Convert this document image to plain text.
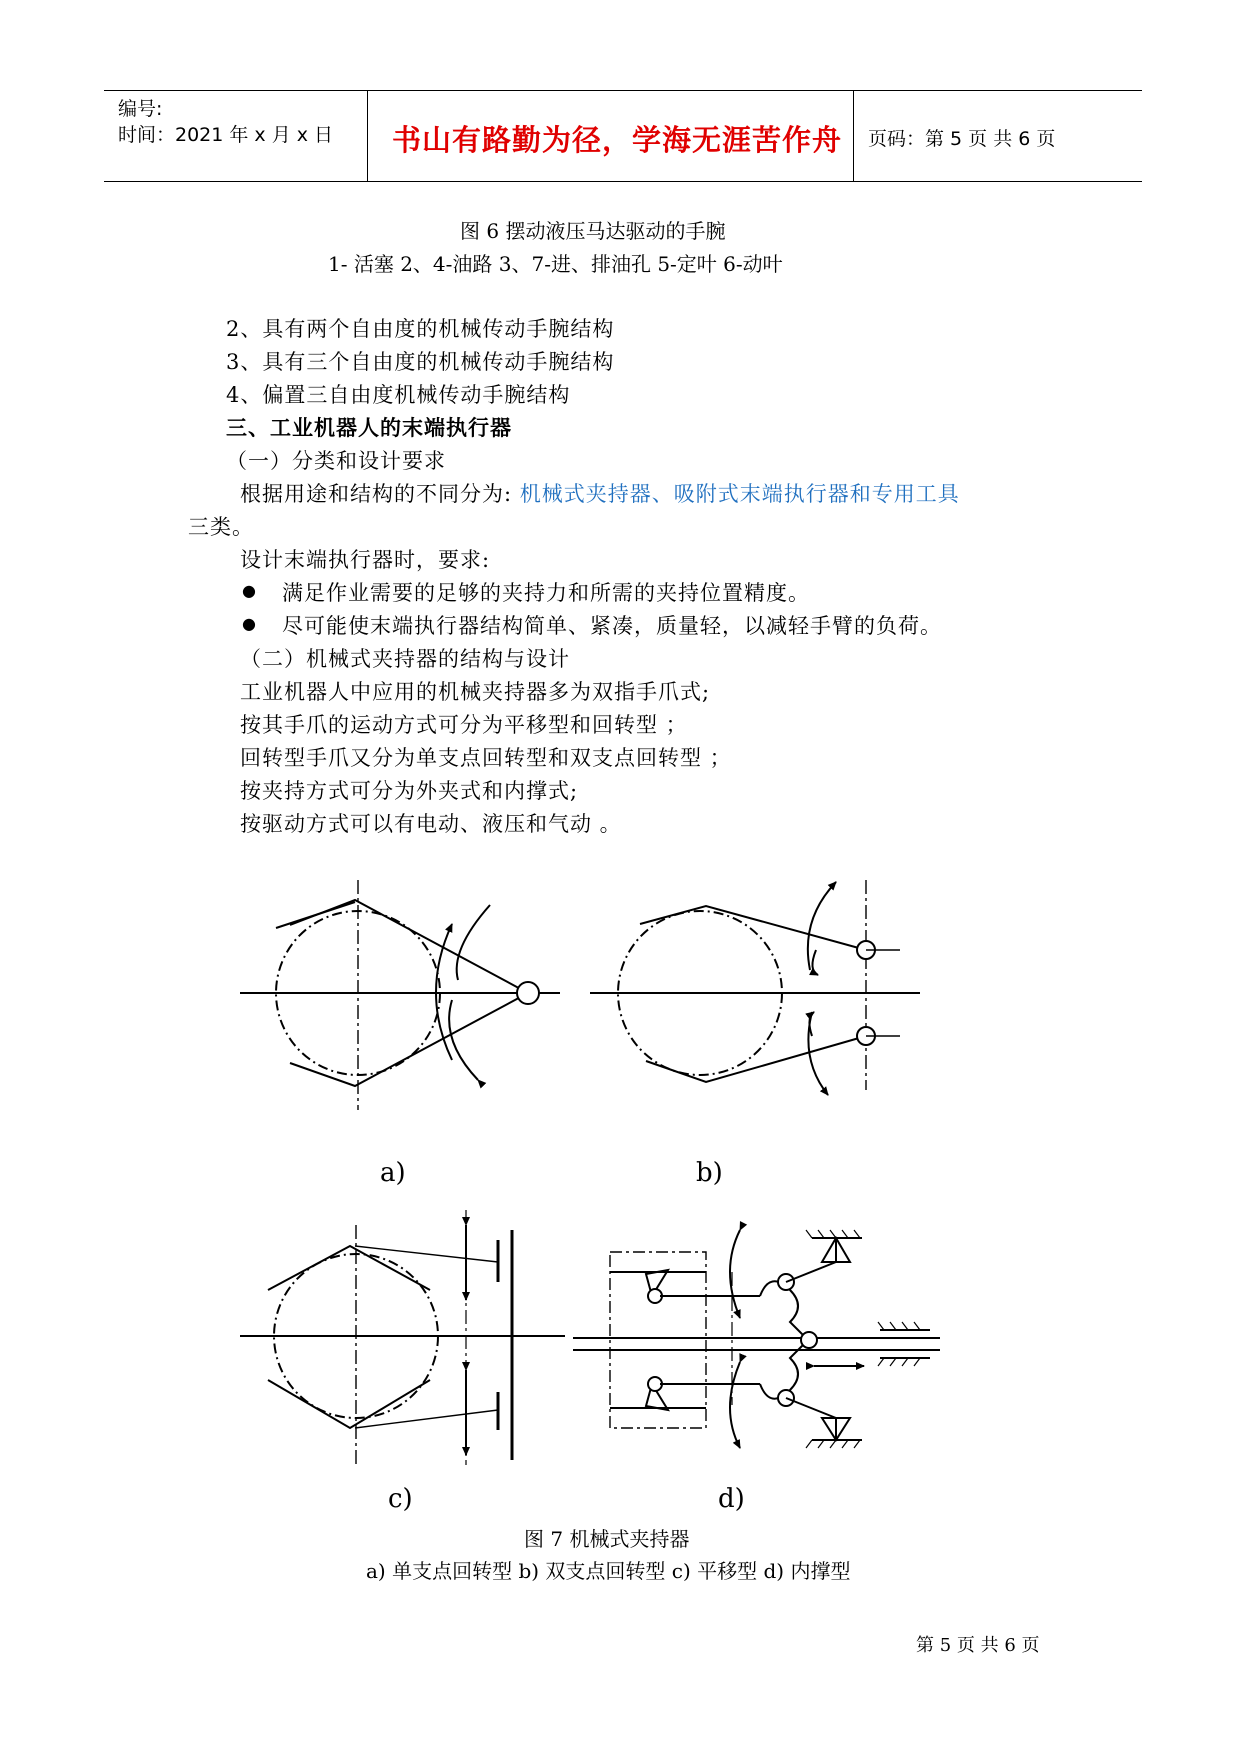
编号:
时间：2021 年 x 月 x 日 书山有路勤为径，学海无涯苦作舟 页码：第 5 页 共 6 页
图 6 摆动液压马达驱动的手腕
1- 活塞 2、4-油路 3、7-进、排油孔 5-定叶 6-动叶
2、具有两个自由度的机械传动手腕结构
3、具有三个自由度的机械传动手腕结构
4、偏置三自由度机械传动手腕结构
三、工业机器人的末端执行器
（一）分类和设计要求
根据用途和结构的不同分为: 机械式夹持器、吸附式末端执行器和专用工具
三类。
设计末端执行器时，要求:
● 满足作业需要的足够的夹持力和所需的夹持位置精度。
● 尽可能使末端执行器结构简单、紧凑，质量轻，以减轻手臂的负荷。
（二）机械式夹持器的结构与设计
工业机器人中应用的机械夹持器多为双指手爪式;
按其手爪的运动方式可分为平移型和回转型 ；
回转型手爪又分为单支点回转型和双支点回转型 ；
按夹持方式可分为外夹式和内撑式;
按驱动方式可以有电动、液压和气动 。
a)	b)
c)	d)
图 7 机械式夹持器
a) 单支点回转型 b) 双支点回转型 c) 平移型 d) 内撑型
第 5 页 共 6 页
